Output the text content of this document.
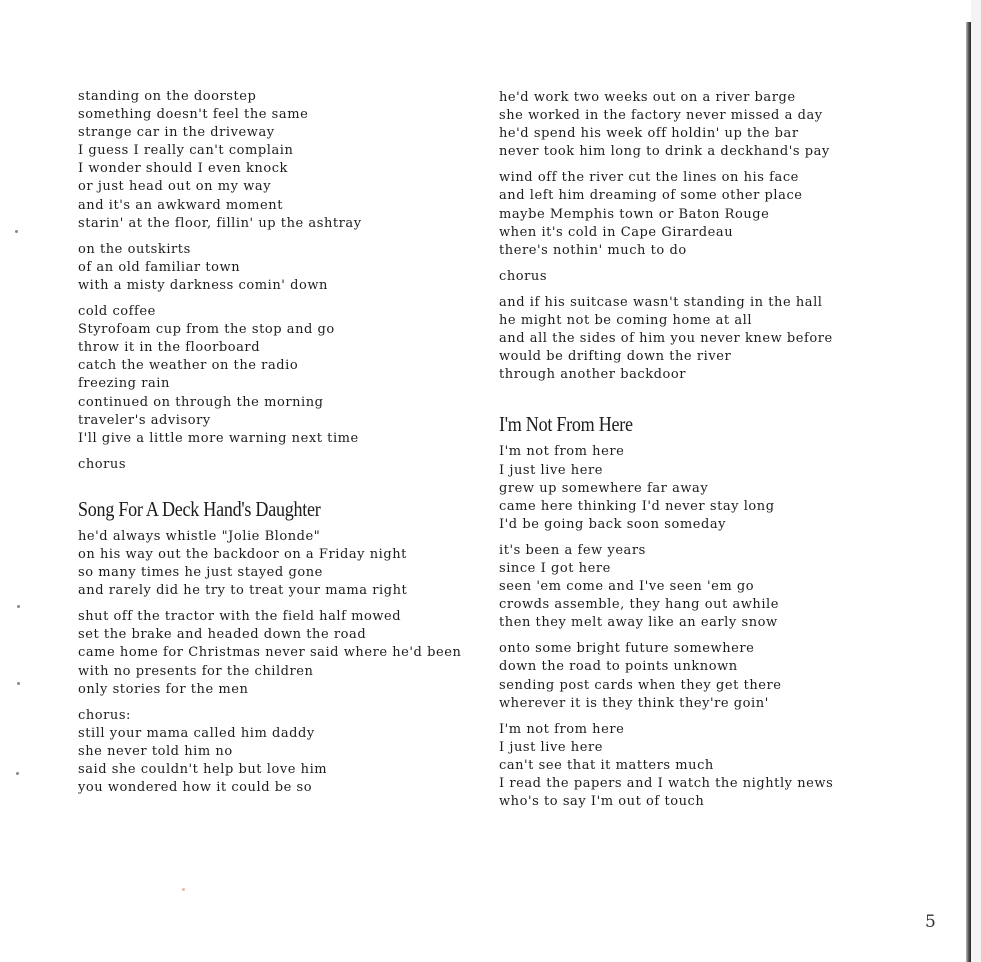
standing on the doorstep
something doesn't feel the same
strange car in the driveway
I guess I really can't complain
I wonder should I even knock
or just head out on my way
and it's an awkward moment
starin' at the floor, fillin' up the ashtray
on the outskirts
of an old familiar town
with a misty darkness comin' down
cold coffee
Styrofoam cup from the stop and go
throw it in the floorboard
catch the weather on the radio
freezing rain
continued on through the morning
traveler's advisory
I'll give a little more warning next time
chorus
Song For A Deck Hand's Daughter
he'd always whistle "Jolie Blonde"
on his way out the backdoor on a Friday night
so many times he just stayed gone
and rarely did he try to treat your mama right
shut off the tractor with the field half mowed
set the brake and headed down the road
came home for Christmas never said where he'd been
with no presents for the children
only stories for the men
chorus:
still your mama called him daddy
she never told him no
said she couldn't help but love him
you wondered how it could be so
he'd work two weeks out on a river barge
she worked in the factory never missed a day
he'd spend his week off holdin' up the bar
never took him long to drink a deckhand's pay
wind off the river cut the lines on his face
and left him dreaming of some other place
maybe Memphis town or Baton Rouge
when it's cold in Cape Girardeau
there's nothin' much to do
chorus
and if his suitcase wasn't standing in the hall
he might not be coming home at all
and all the sides of him you never knew before
would be drifting down the river
through another backdoor
I'm Not From Here
I'm not from here
I just live here
grew up somewhere far away
came here thinking I'd never stay long
I'd be going back soon someday
it's been a few years
since I got here
seen 'em come and I've seen 'em go
crowds assemble, they hang out awhile
then they melt away like an early snow
onto some bright future somewhere
down the road to points unknown
sending post cards when they get there
wherever it is they think they're goin'
I'm not from here
I just live here
can't see that it matters much
I read the papers and I watch the nightly news
who's to say I'm out of touch
5
